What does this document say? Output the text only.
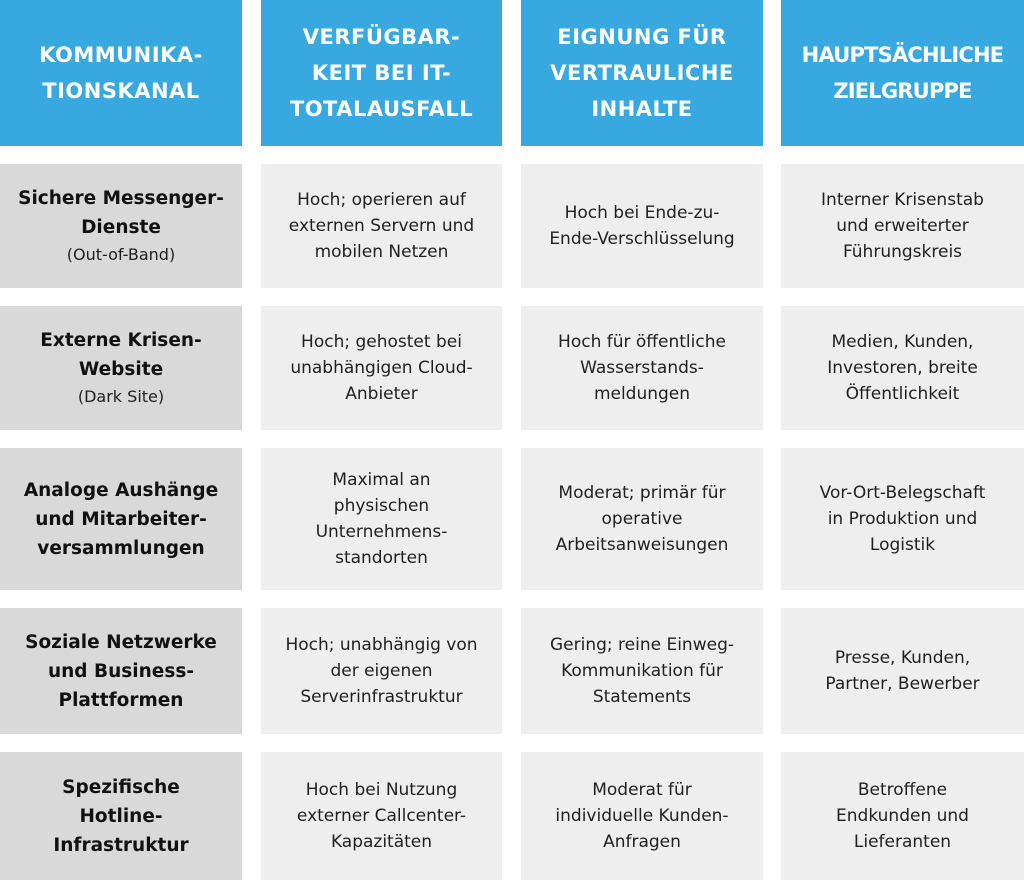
KOMMUNIKA-
TIONSKANAL
VERFÜGBAR-
KEIT BEI IT-
TOTALAUSFALL
EIGNUNG FÜR
VERTRAULICHE
INHALTE
HAUPTSÄCHLICHE
ZIELGRUPPE
Sichere Messenger-
Dienste
(Out-of-Band)
Hoch; operieren auf
externen Servern und
mobilen Netzen
Hoch bei Ende-zu-
Ende-Verschlüsselung
Interner Krisenstab
und erweiterter
Führungskreis
Externe Krisen-
Website
(Dark Site)
Hoch; gehostet bei
unabhängigen Cloud-
Anbieter
Hoch für öffentliche
Wasserstands-
meldungen
Medien, Kunden,
Investoren, breite
Öffentlichkeit
Analoge Aushänge
und Mitarbeiter-
versammlungen
Maximal an
physischen
Unternehmens-
standorten
Moderat; primär für
operative
Arbeitsanweisungen
Vor-Ort-Belegschaft
in Produktion und
Logistik
Soziale Netzwerke
und Business-
Plattformen
Hoch; unabhängig von
der eigenen
Serverinfrastruktur
Gering; reine Einweg-
Kommunikation für
Statements
Presse, Kunden,
Partner, Bewerber
Spezifische
Hotline-
Infrastruktur
Hoch bei Nutzung
externer Callcenter-
Kapazitäten
Moderat für
individuelle Kunden-
Anfragen
Betroffene
Endkunden und
Lieferanten
